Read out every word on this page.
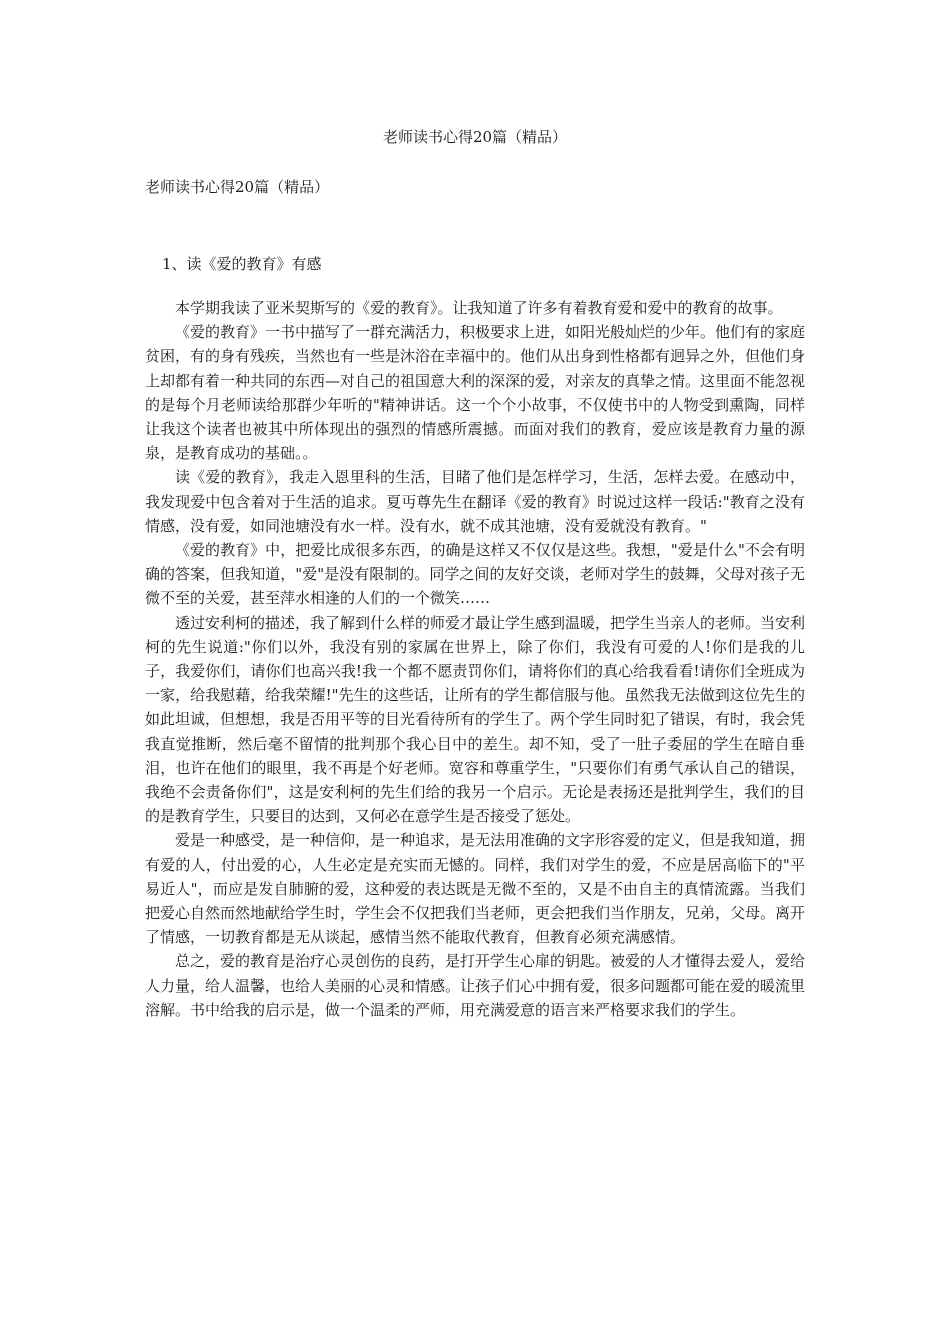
老师读书心得20篇（精品）
老师读书心得20篇（精品）
1、读《爱的教育》有感

本学期我读了亚米契斯写的《爱的教育》。让我知道了许多有着教育爱和爱中的教育的故事。

《爱的教育》一书中描写了一群充满活力，积极要求上进，如阳光般灿烂的少年。他们有的家庭贫困，有的身有残疾，当然也有一些是沐浴在幸福中的。他们从出身到性格都有迥异之外，但他们身上却都有着一种共同的东西—对自己的祖国意大利的深深的爱，对亲友的真挚之情。这里面不能忽视的是每个月老师读给那群少年听的"精神讲话。这一个个小故事，不仅使书中的人物受到熏陶，同样让我这个读者也被其中所体现出的强烈的情感所震撼。而面对我们的教育，爱应该是教育力量的源泉，是教育成功的基础。。

读《爱的教育》，我走入恩里科的生活，目睹了他们是怎样学习，生活，怎样去爱。在感动中，我发现爱中包含着对于生活的追求。夏丏尊先生在翻译《爱的教育》时说过这样一段话:"教育之没有情感，没有爱，如同池塘没有水一样。没有水，就不成其池塘，没有爱就没有教育。"

《爱的教育》中，把爱比成很多东西，的确是这样又不仅仅是这些。我想，"爱是什么"不会有明确的答案，但我知道，"爱"是没有限制的。同学之间的友好交谈，老师对学生的鼓舞，父母对孩子无微不至的关爱，甚至萍水相逢的人们的一个微笑……

透过安利柯的描述，我了解到什么样的师爱才最让学生感到温暖，把学生当亲人的老师。当安利柯的先生说道:"你们以外，我没有别的家属在世界上，除了你们，我没有可爱的人!你们是我的儿子，我爱你们，请你们也高兴我!我一个都不愿责罚你们，请将你们的真心给我看看!请你们全班成为一家，给我慰藉，给我荣耀!"先生的这些话，让所有的学生都信服与他。虽然我无法做到这位先生的如此坦诚，但想想，我是否用平等的目光看待所有的学生了。两个学生同时犯了错误，有时，我会凭我直觉推断，然后毫不留情的批判那个我心目中的差生。却不知，受了一肚子委屈的学生在暗自垂泪，也许在他们的眼里，我不再是个好老师。宽容和尊重学生，"只要你们有勇气承认自己的错误，我绝不会责备你们"，这是安利柯的先生们给的我另一个启示。无论是表扬还是批判学生，我们的目的是教育学生，只要目的达到，又何必在意学生是否接受了惩处。

爱是一种感受，是一种信仰，是一种追求，是无法用准确的文字形容爱的定义，但是我知道，拥有爱的人，付出爱的心，人生必定是充实而无憾的。同样，我们对学生的爱，不应是居高临下的"平易近人"，而应是发自肺腑的爱，这种爱的表达既是无微不至的，又是不由自主的真情流露。当我们把爱心自然而然地献给学生时，学生会不仅把我们当老师，更会把我们当作朋友，兄弟，父母。离开了情感，一切教育都是无从谈起，感情当然不能取代教育，但教育必须充满感情。

总之，爱的教育是治疗心灵创伤的良药，是打开学生心扉的钥匙。被爱的人才懂得去爱人，爱给人力量，给人温馨，也给人美丽的心灵和情感。让孩子们心中拥有爱，很多问题都可能在爱的暖流里溶解。书中给我的启示是，做一个温柔的严师，用充满爱意的语言来严格要求我们的学生。
